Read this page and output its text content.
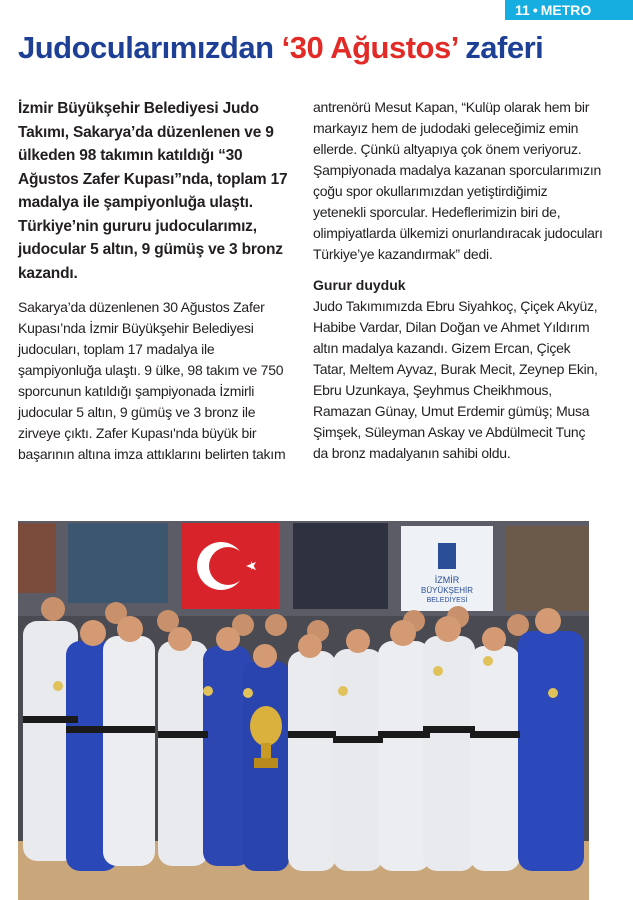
11 • METRO
Judocularımızdan ‘30 Ağustos’ zaferi

İzmir Büyükşehir Belediyesi Judo Takımı, Sakarya’da düzenlenen ve 9 ülkeden 98 takımın katıldığı “30 Ağustos Zafer Kupası”nda, toplam 17 madalya ile şampiyonluğa ulaştı. Türkiye’nin gururu judocularımız, judocular 5 altın, 9 gümüş ve 3 bronz kazandı.

Sakarya’da düzenlenen 30 Ağustos Zafer Kupası’nda İzmir Büyükşehir Belediyesi judocuları, toplam 17 madalya ile şampiyonluğa ulaştı. 9 ülke, 98 takım ve 750 sporcunun katıldığı şampiyonada İzmirli judocular 5 altın, 9 gümüş ve 3 bronz ile zirveye çıktı. Zafer Kupası'nda büyük bir başarının altına imza attıklarını belirten takım

antrenörü Mesut Kapan, “Kulüp olarak hem bir markayız hem de judodaki geleceğimiz emin ellerde. Çünkü altyapıya çok önem veriyoruz. Şampiyonada madalya kazanan sporcularımızın çoğu spor okullarımızdan yetiştirdiğimiz yetenekli sporcular. Hedeflerimizin biri de, olimpiyatlarda ülkemizi onurlandıracak judocuları Türkiye’ye kazandırmak” dedi.

Gurur duyduk

Judo Takımımızda Ebru Siyahkoç, Çiçek Akyüz, Habibe Vardar, Dilan Doğan ve Ahmet Yıldırım altın madalya kazandı. Gizem Ercan, Çiçek Tatar, Meltem Ayvaz, Burak Mecit, Zeynep Ekin, Ebru Uzunkaya, Şeyhmus Cheikhmous, Ramazan Günay, Umut Erdemir gümüş; Musa Şimşek, Süleyman Askay ve Abdülmecit Tunç da bronz madalyanın sahibi oldu.

İZMİR
BÜYÜKŞEHİR
BELEDİYESİ
